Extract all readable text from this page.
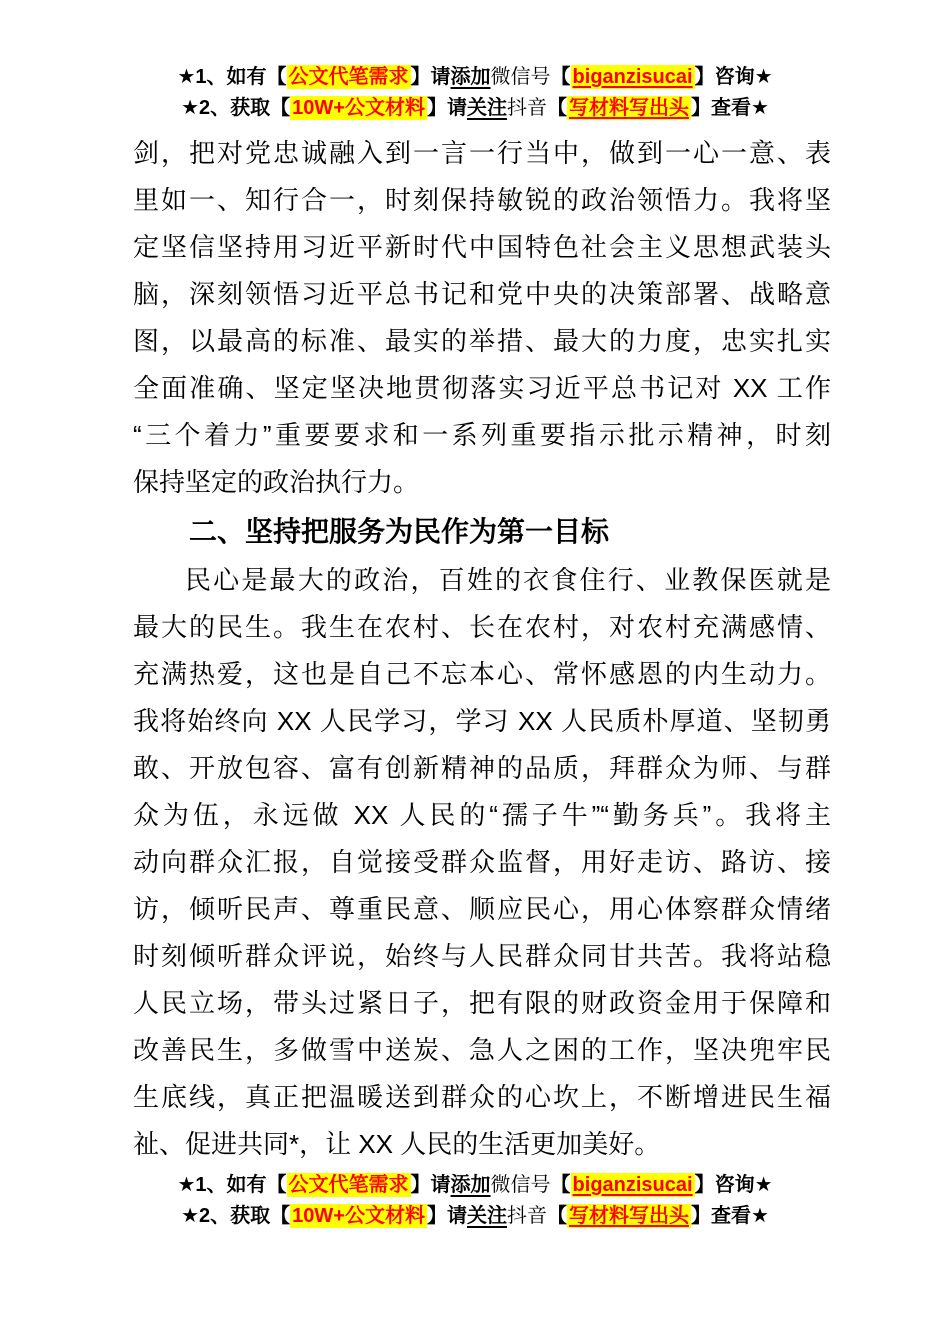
★1、如有【 公文代笔需求 】请添加微信号【 biganzisucai 】咨询★
★2、获取【 10W+公文材料 】请关注抖音【 写材料写出头 】查看★
剑，把对党忠诚融入到一言一行当中，做到一心一意、表
里如一、知行合一，时刻保持敏锐的政治领悟力。我将坚
定坚信坚持用习近平新时代中国特色社会主义思想武装头
脑，深刻领悟习近平总书记和党中央的决策部署、战略意
图，以最高的标准、最实的举措、最大的力度，忠实扎实
全面准确、坚定坚决地贯彻落实习近平总书记对 XX 工作
“三个着力”重要要求和一系列重要指示批示精神，时刻
保持坚定的政治执行力。
二、坚持把服务为民作为第一目标
民心是最大的政治，百姓的衣食住行、业教保医就是
最大的民生。我生在农村、长在农村，对农村充满感情、
充满热爱，这也是自己不忘本心、常怀感恩的内生动力。
我将始终向 XX 人民学习，学习 XX 人民质朴厚道、坚韧勇
敢、开放包容、富有创新精神的品质，拜群众为师、与群
众为伍，永远做 XX 人民的“孺子牛”“勤务兵”。我将主
动向群众汇报，自觉接受群众监督，用好走访、路访、接
访，倾听民声、尊重民意、顺应民心，用心体察群众情绪
时刻倾听群众评说，始终与人民群众同甘共苦。我将站稳
人民立场，带头过紧日子，把有限的财政资金用于保障和
改善民生，多做雪中送炭、急人之困的工作，坚决兜牢民
生底线，真正把温暖送到群众的心坎上，不断增进民生福
祉、促进共同*，让 XX 人民的生活更加美好。
★1、如有【 公文代笔需求 】请添加微信号【 biganzisucai 】咨询★
★2、获取【 10W+公文材料 】请关注抖音【 写材料写出头 】查看★
